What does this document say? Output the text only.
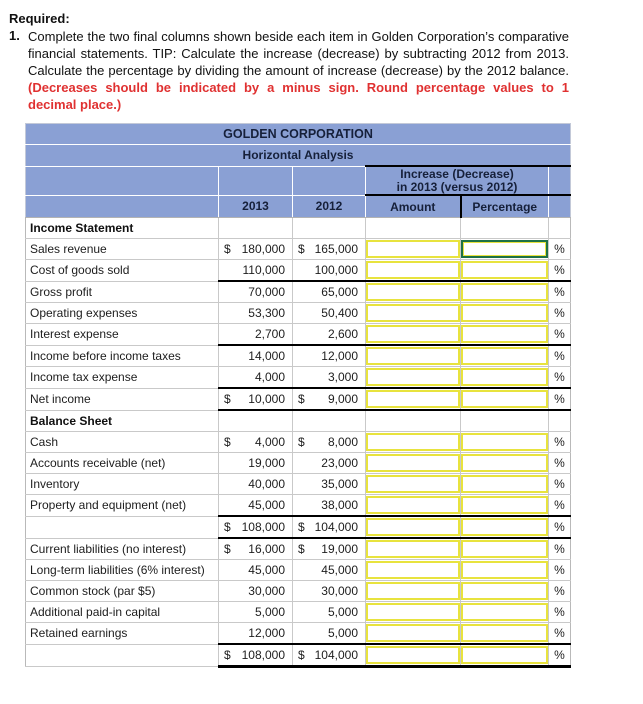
Required:
1. Complete the two final columns shown beside each item in Golden Corporation’s comparative financial statements. TIP: Calculate the increase (decrease) by subtracting 2012 from 2013. Calculate the percentage by dividing the amount of increase (decrease) by the 2012 balance. (Decreases should be indicated by a minus sign. Round percentage values to 1 decimal place.)

GOLDEN CORPORATION					
Horizontal Analysis					

			Increase (Decrease)
in 2013 (versus 2012)		

	2013	2012	Amount	Percentage	
Income Statement					
Sales revenue	$ 180,000	$ 165,000			%
Cost of goods sold	110,000	100,000			%
Gross profit	70,000	65,000			%
Operating expenses	53,300	50,400			%
Interest expense	2,700	2,600			%
Income before income taxes	14,000	12,000			%
Income tax expense	4,000	3,000			%
Net income	$ 10,000	$ 9,000			%
Balance Sheet					
Cash	$ 4,000	$ 8,000			%
Accounts receivable (net)	19,000	23,000			%
Inventory	40,000	35,000			%
Property and equipment (net)	45,000	38,000			%

	$ 108,000	$ 104,000			%
Current liabilities (no interest)	$ 16,000	$ 19,000			%
Long-term liabilities (6% interest)	45,000	45,000			%
Common stock (par $5)	30,000	30,000			%
Additional paid-in capital	5,000	5,000			%
Retained earnings	12,000	5,000			%

	$ 108,000	$ 104,000			%
